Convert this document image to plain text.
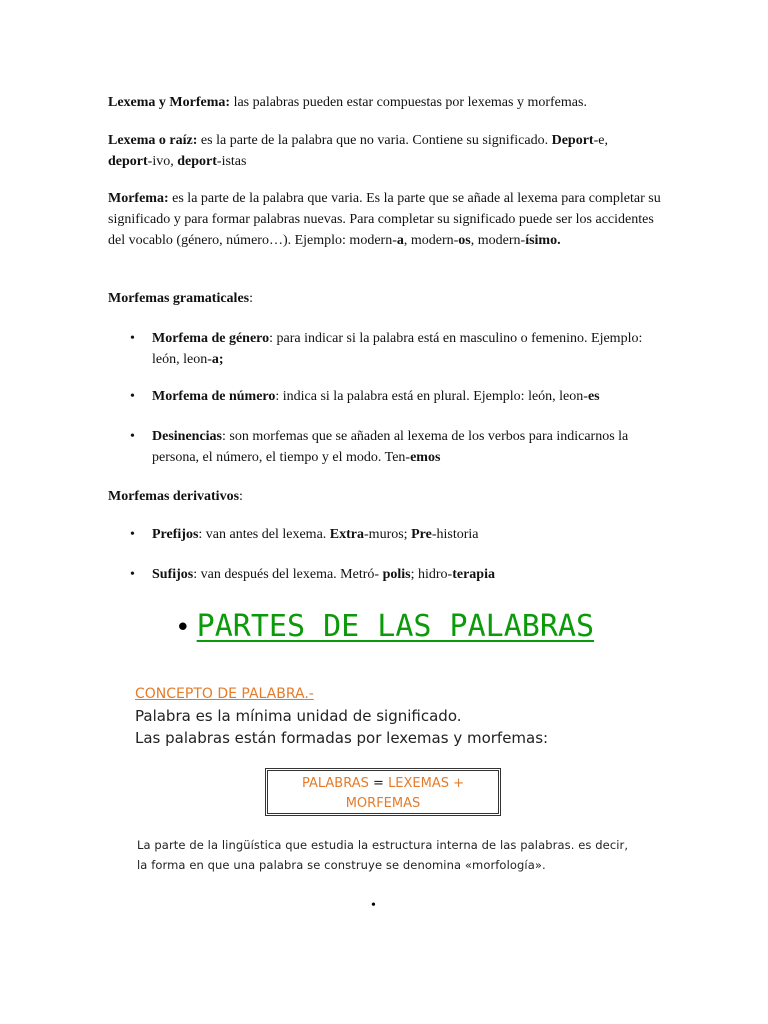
Lexema y Morfema: las palabras pueden estar compuestas por lexemas y morfemas.

Lexema o raíz: es la parte de la palabra que no varia. Contiene su significado. Deport-e,
deport-ivo, deport-istas

Morfema: es la parte de la palabra que varia. Es la parte que se añade al lexema para completar su significado y para formar palabras nuevas. Para completar su significado puede ser los accidentes del vocablo (género, número…). Ejemplo: modern-a, modern-os, modern-ísimo.

Morfemas gramaticales:

•	Morfema de género: para indicar si la palabra está en masculino o femenino. Ejemplo: león, leon-a;
•	Morfema de número: indica si la palabra está en plural. Ejemplo: león, leon-es
•	Desinencias: son morfemas que se añaden al lexema de los verbos para indicarnos la persona, el número, el tiempo y el modo. Ten-emos

Morfemas derivativos:

•	Prefijos: van antes del lexema. Extra-muros; Pre-historia
•	Sufijos: van después del lexema. Metró- polis; hidro-terapia
• PARTES DE LAS PALABRAS
CONCEPTO DE PALABRA.-
Palabra es la mínima unidad de significado.
Las palabras están formadas por lexemas y morfemas:
PALABRAS = LEXEMAS +
MORFEMAS
La parte de la lingüística que estudia la estructura interna de las palabras. es decir,
la forma en que una palabra se construye se denomina «morfología».
•
